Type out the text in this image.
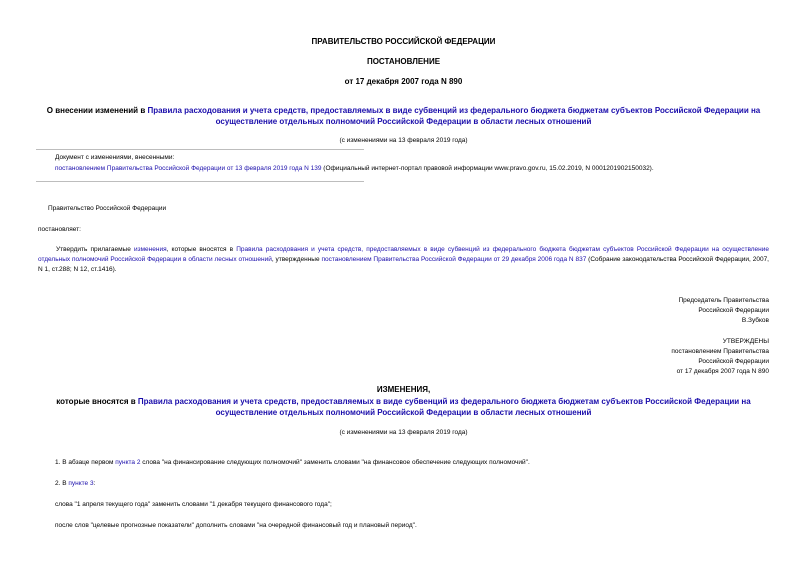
ПРАВИТЕЛЬСТВО РОССИЙСКОЙ ФЕДЕРАЦИИ
ПОСТАНОВЛЕНИЕ
от 17 декабря 2007 года N 890
О внесении изменений в Правила расходования и учета средств, предоставляемых в виде субвенций из федерального бюджета бюджетам субъектов Российской Федерации на осуществление отдельных полномочий Российской Федерации в области лесных отношений
(с изменениями на 13 февраля 2019 года)
Документ с изменениями, внесенными:
постановлением Правительства Российской Федерации от 13 февраля 2019 года N 139 (Официальный интернет-портал правовой информации www.pravo.gov.ru, 15.02.2019, N 0001201902150032).
Правительство Российской Федерации
постановляет:
Утвердить прилагаемые изменения, которые вносятся в Правила расходования и учета средств, предоставляемых в виде субвенций из федерального бюджета бюджетам субъектов Российской Федерации на осуществление отдельных полномочий Российской Федерации в области лесных отношений, утвержденные постановлением Правительства Российской Федерации от 29 декабря 2006 года N 837 (Собрание законодательства Российской Федерации, 2007, N 1, ст.288; N 12, ст.1416).
Председатель Правительства
Российской Федерации
В.Зубков
УТВЕРЖДЕНЫ
постановлением Правительства
Российской Федерации
от 17 декабря 2007 года N 890
ИЗМЕНЕНИЯ,
которые вносятся в Правила расходования и учета средств, предоставляемых в виде субвенций из федерального бюджета бюджетам субъектов Российской Федерации на осуществление отдельных полномочий Российской Федерации в области лесных отношений
(с изменениями на 13 февраля 2019 года)
1. В абзаце первом пункта 2 слова "на финансирование следующих полномочий" заменить словами "на финансовое обеспечение следующих полномочий".
2. В пункте 3:
слова "1 апреля текущего года" заменить словами "1 декабря текущего финансового года";
после слов "целевые прогнозные показатели" дополнить словами "на очередной финансовый год и плановый период".
